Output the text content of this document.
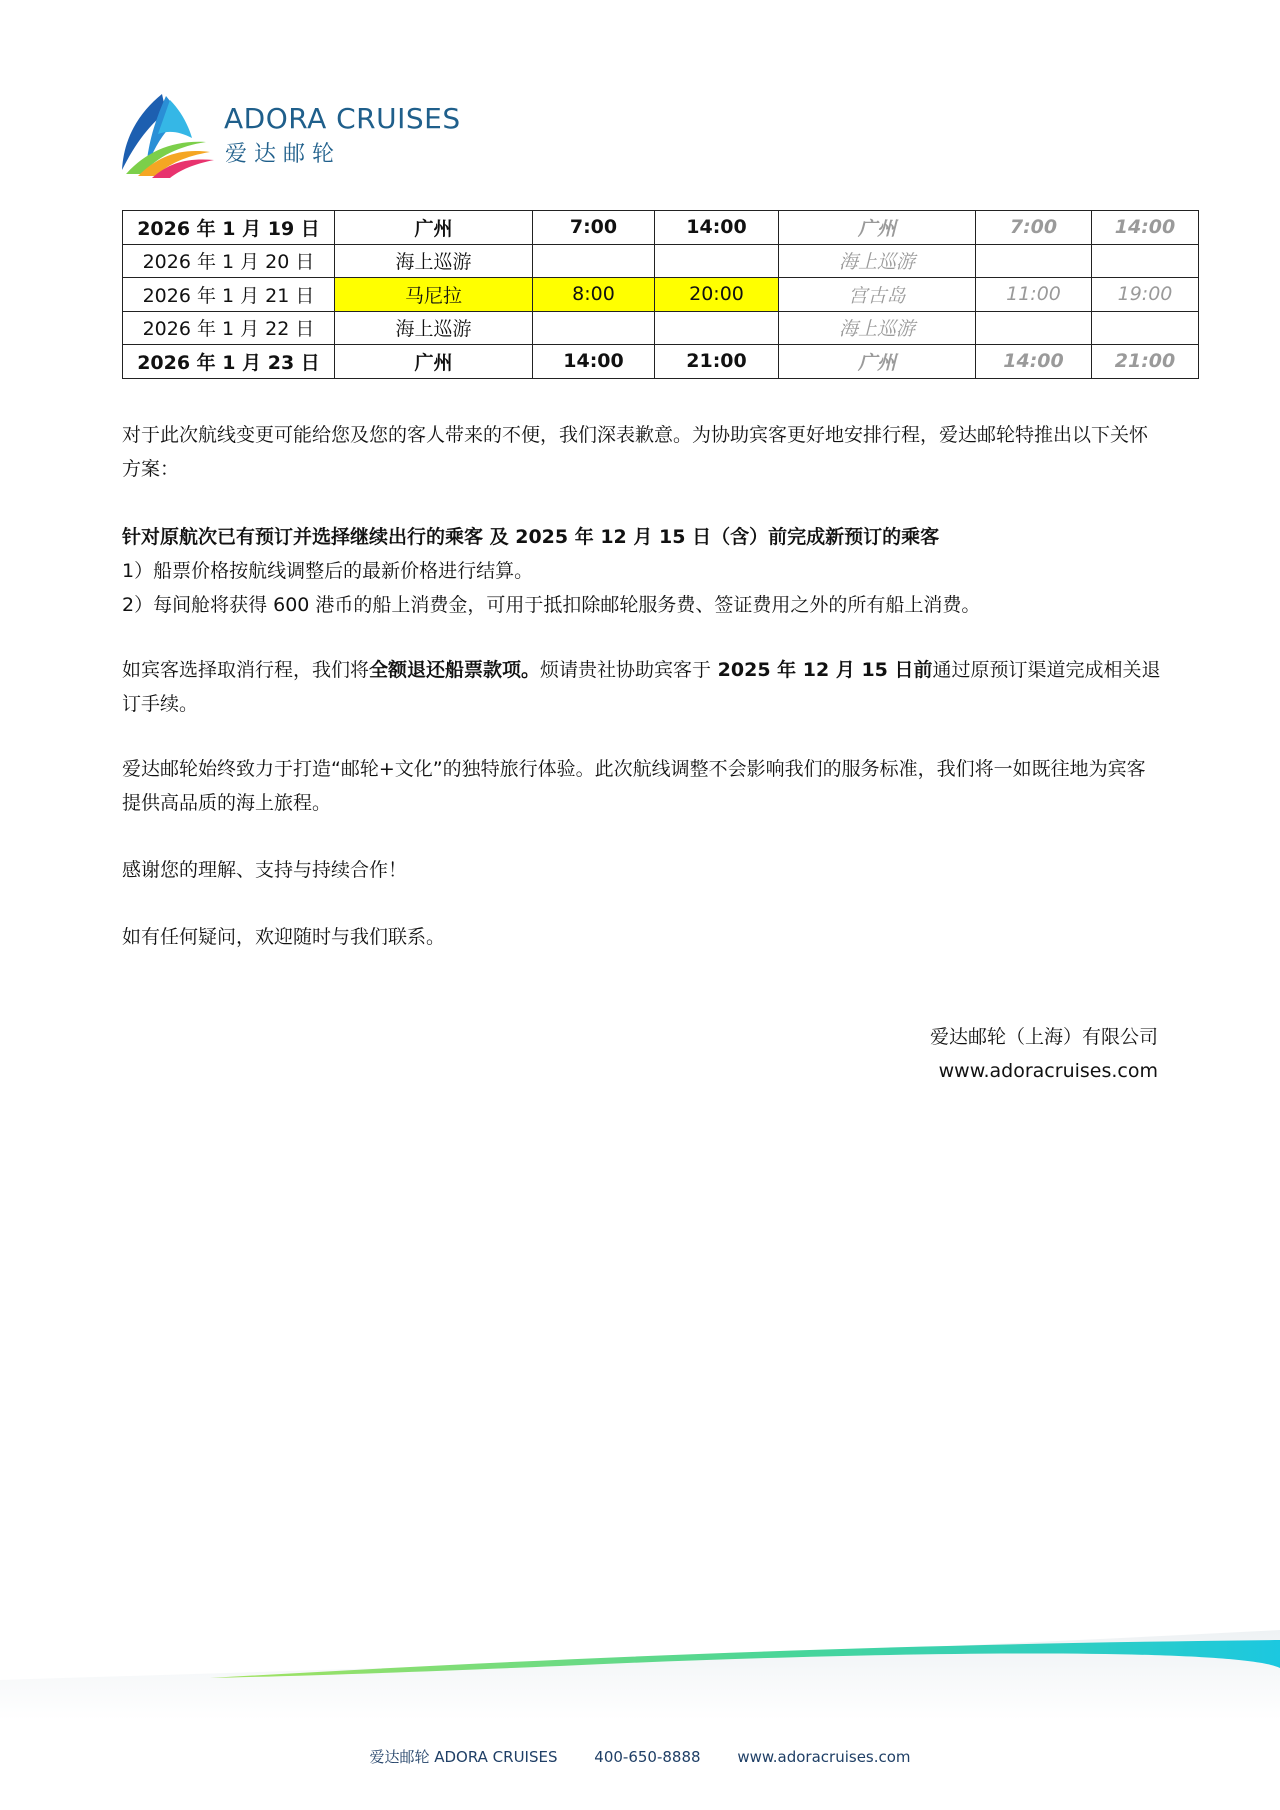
ADORA CRUISES
爱达邮轮
2026 年 1 月 19 日	广州	7:00	14:00	广州	7:00	14:00
2026 年 1 月 20 日	海上巡游			海上巡游		
2026 年 1 月 21 日	马尼拉	8:00	20:00	宫古岛	11:00	19:00
2026 年 1 月 22 日	海上巡游			海上巡游		
2026 年 1 月 23 日	广州	14:00	21:00	广州	14:00	21:00
对于此次航线变更可能给您及您的客人带来的不便，我们深表歉意。为协助宾客更好地安排行程，爱达邮轮特推出以下关怀方案：
针对原航次已有预订并选择继续出行的乘客 及 2025 年 12 月 15 日（含）前完成新预订的乘客
1）船票价格按航线调整后的最新价格进行结算。
2）每间舱将获得 600 港币的船上消费金，可用于抵扣除邮轮服务费、签证费用之外的所有船上消费。
如宾客选择取消行程，我们将全额退还船票款项。烦请贵社协助宾客于 2025 年 12 月 15 日前通过原预订渠道完成相关退订手续。
爱达邮轮始终致力于打造“邮轮+文化”的独特旅行体验。此次航线调整不会影响我们的服务标准，我们将一如既往地为宾客提供高品质的海上旅程。
感谢您的理解、支持与持续合作！
如有任何疑问，欢迎随时与我们联系。
爱达邮轮（上海）有限公司
www.adoracruises.com
爱达邮轮 ADORA CRUISES 400-650-8888 www.adoracruises.com
